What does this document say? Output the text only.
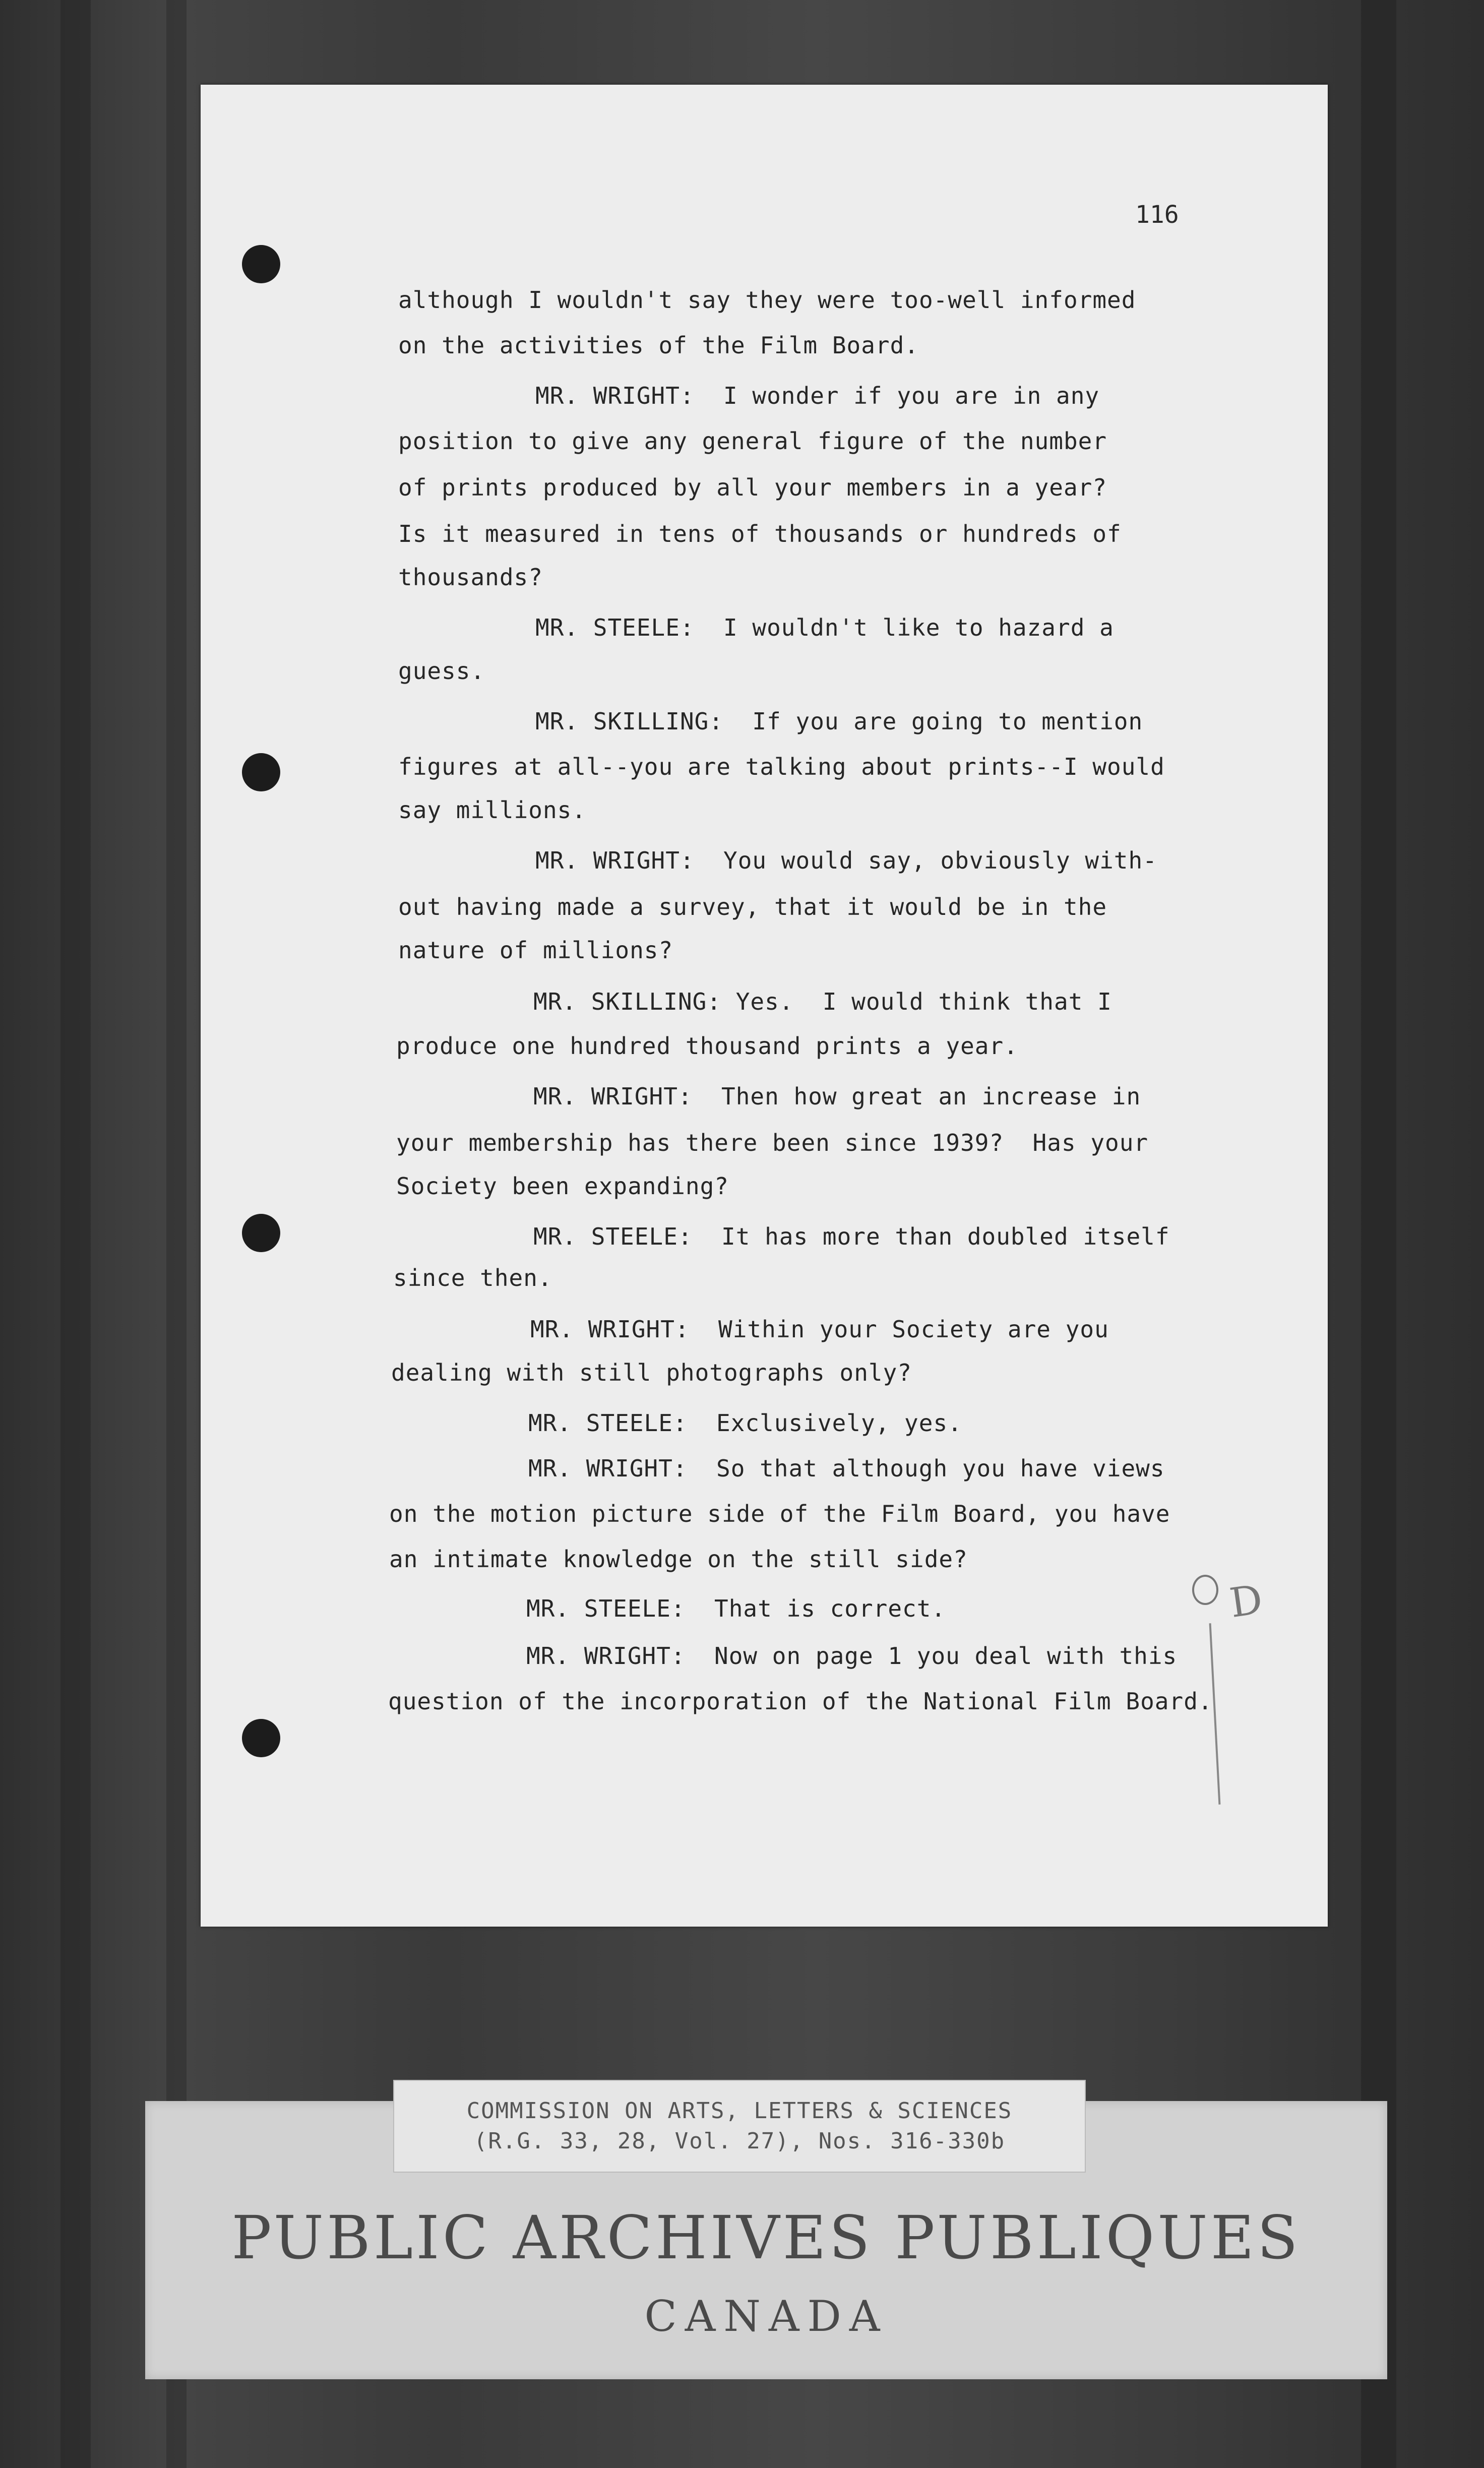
116
although I wouldn't say they were too-well informed
on the activities of the Film Board.
MR. WRIGHT:  I wonder if you are in any
position to give any general figure of the number
of prints produced by all your members in a year?
Is it measured in tens of thousands or hundreds of
thousands?
MR. STEELE:  I wouldn't like to hazard a
guess.
MR. SKILLING:  If you are going to mention
figures at all--you are talking about prints--I would
say millions.
MR. WRIGHT:  You would say, obviously with-
out having made a survey, that it would be in the
nature of millions?
MR. SKILLING: Yes.  I would think that I
produce one hundred thousand prints a year.
MR. WRIGHT:  Then how great an increase in
your membership has there been since 1939?  Has your
Society been expanding?
MR. STEELE:  It has more than doubled itself
since then.
MR. WRIGHT:  Within your Society are you
dealing with still photographs only?
MR. STEELE:  Exclusively, yes.
MR. WRIGHT:  So that although you have views
on the motion picture side of the Film Board, you have
an intimate knowledge on the still side?
MR. STEELE:  That is correct.
MR. WRIGHT:  Now on page 1 you deal with this
question of the incorporation of the National Film Board.
D
COMMISSION ON ARTS, LETTERS & SCIENCES
(R.G. 33, 28, Vol. 27), Nos. 316-330b
PUBLIC ARCHIVES PUBLIQUES
CANADA
